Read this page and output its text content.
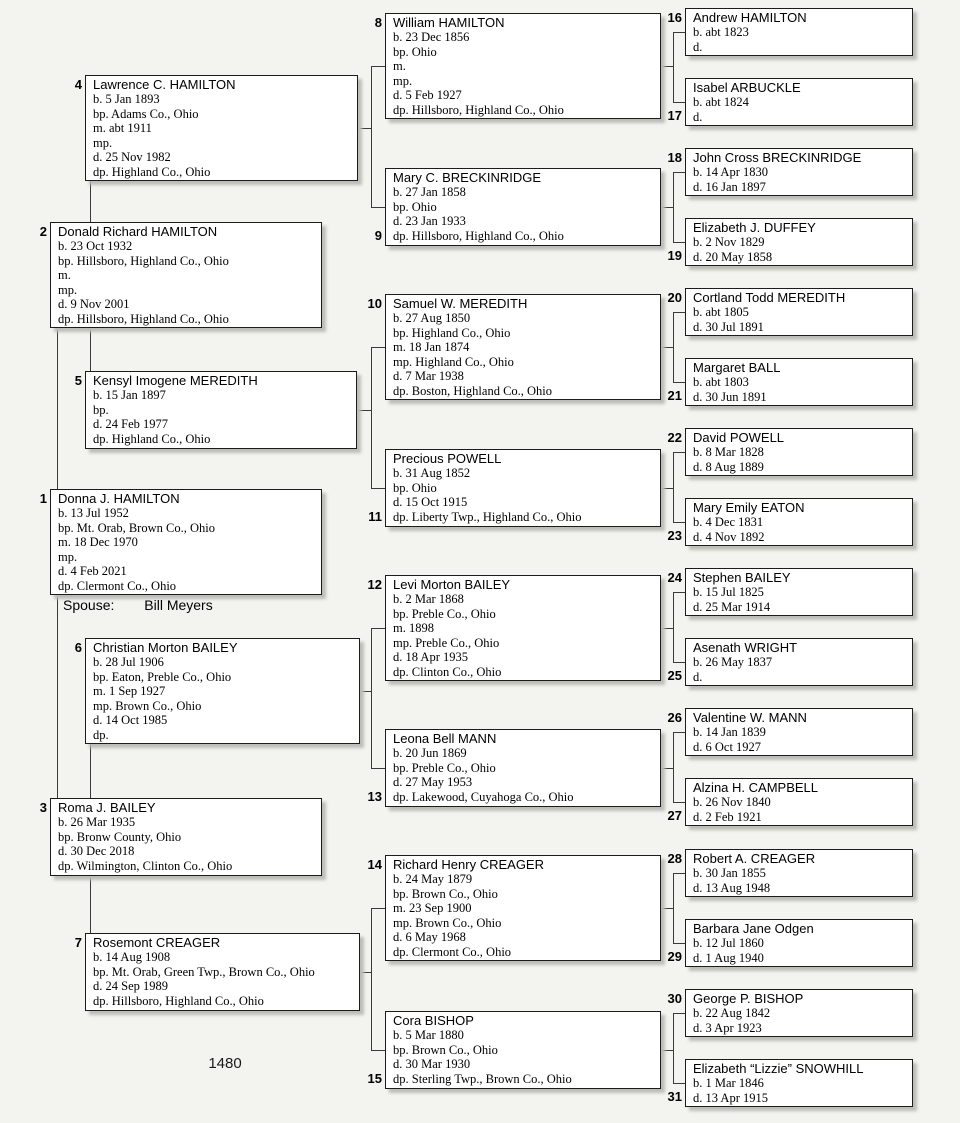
4 Lawrence C. HAMILTON
b. 5 Jan 1893
bp. Adams Co., Ohio
m. abt 1911
mp.
d. 25 Nov 1982
dp. Highland Co., Ohio
2 Donald Richard HAMILTON
b. 23 Oct 1932
bp. Hillsboro, Highland Co., Ohio
m.
mp.
d. 9 Nov 2001
dp. Hillsboro, Highland Co., Ohio
5 Kensyl Imogene MEREDITH
b. 15 Jan 1897
bp.
d. 24 Feb 1977
dp. Highland Co., Ohio
1 Donna J. HAMILTON
b. 13 Jul 1952
bp. Mt. Orab, Brown Co., Ohio
m. 18 Dec 1970
mp.
d. 4 Feb 2021
dp. Clermont Co., Ohio
Spouse: Bill Meyers
6 Christian Morton BAILEY
b. 28 Jul 1906
bp. Eaton, Preble Co., Ohio
m. 1 Sep 1927
mp. Brown Co., Ohio
d. 14 Oct 1985
dp.
3 Roma J. BAILEY
b. 26 Mar 1935
bp. Bronw County, Ohio
d. 30 Dec 2018
dp. Wilmington, Clinton Co., Ohio
7 Rosemont CREAGER
b. 14 Aug 1908
bp. Mt. Orab, Green Twp., Brown Co., Ohio
d. 24 Sep 1989
dp. Hillsboro, Highland Co., Ohio
8 William HAMILTON
b. 23 Dec 1856
bp. Ohio
m.
mp.
d. 5 Feb 1927
dp. Hillsboro, Highland Co., Ohio
9
Mary C. BRECKINRIDGE
b. 27 Jan 1858
bp. Ohio
d. 23 Jan 1933
dp. Hillsboro, Highland Co., Ohio
10 Samuel W. MEREDITH
b. 27 Aug 1850
bp. Highland Co., Ohio
m. 18 Jan 1874
mp. Highland Co., Ohio
d. 7 Mar 1938
dp. Boston, Highland Co., Ohio
11
Precious POWELL
b. 31 Aug 1852
bp. Ohio
d. 15 Oct 1915
dp. Liberty Twp., Highland Co., Ohio
12 Levi Morton BAILEY
b. 2 Mar 1868
bp. Preble Co., Ohio
m. 1898
mp. Preble Co., Ohio
d. 18 Apr 1935
dp. Clinton Co., Ohio
13
Leona Bell MANN
b. 20 Jun 1869
bp. Preble Co., Ohio
d. 27 May 1953
dp. Lakewood, Cuyahoga Co., Ohio
14 Richard Henry CREAGER
b. 24 May 1879
bp. Brown Co., Ohio
m. 23 Sep 1900
mp. Brown Co., Ohio
d. 6 May 1968
dp. Clermont Co., Ohio
15
Cora BISHOP
b. 5 Mar 1880
bp. Brown Co., Ohio
d. 30 Mar 1930
dp. Sterling Twp., Brown Co., Ohio
16 Andrew HAMILTON
b. abt 1823
d.
17
Isabel ARBUCKLE
b. abt 1824
d.
18 John Cross BRECKINRIDGE
b. 14 Apr 1830
d. 16 Jan 1897
19
Elizabeth J. DUFFEY
b. 2 Nov 1829
d. 20 May 1858
20 Cortland Todd MEREDITH
b. abt 1805
d. 30 Jul 1891
21
Margaret BALL
b. abt 1803
d. 30 Jun 1891
22 David POWELL
b. 8 Mar 1828
d. 8 Aug 1889
23
Mary Emily EATON
b. 4 Dec 1831
d. 4 Nov 1892
24 Stephen BAILEY
b. 15 Jul 1825
d. 25 Mar 1914
25
Asenath WRIGHT
b. 26 May 1837
d.
26 Valentine W. MANN
b. 14 Jan 1839
d. 6 Oct 1927
27
Alzina H. CAMPBELL
b. 26 Nov 1840
d. 2 Feb 1921
28 Robert A. CREAGER
b. 30 Jan 1855
d. 13 Aug 1948
29
Barbara Jane Odgen
b. 12 Jul 1860
d. 1 Aug 1940
30 George P. BISHOP
b. 22 Aug 1842
d. 3 Apr 1923
31
Elizabeth “Lizzie” SNOWHILL
b. 1 Mar 1846
d. 13 Apr 1915
1480
